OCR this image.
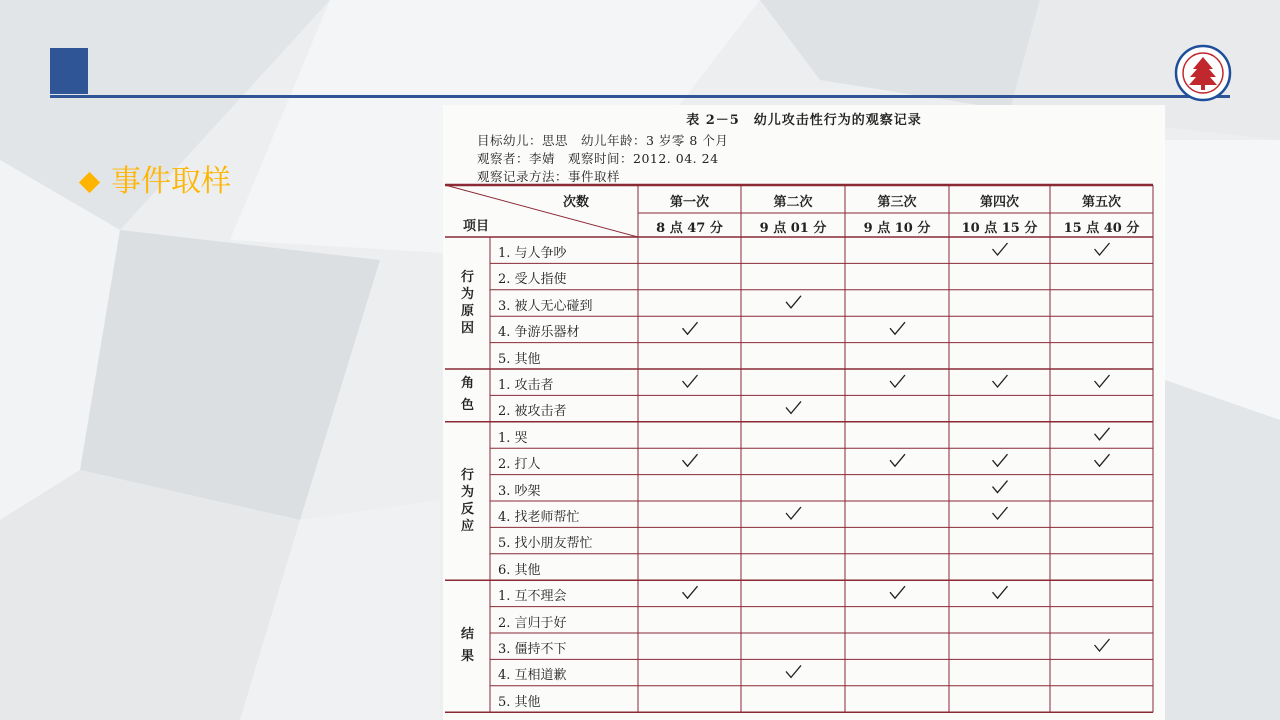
事件取样
表 2－5　幼儿攻击性行为的观察记录
目标幼儿：思思　幼儿年龄：3 岁零 8 个月
观察者：李婧　观察时间：2012. 04. 24
观察记录方法：事件取样
次数
项目
第一次
8 点 47 分
第二次
9 点 01 分
第三次
9 点 10 分
第四次
10 点 15 分
第五次
15 点 40 分
1. 与人争吵
2. 受人指使
3. 被人无心碰到
4. 争游乐器材
5. 其他
行为原因
1. 攻击者
2. 被攻击者
角色
1. 哭
2. 打人
3. 吵架
4. 找老师帮忙
5. 找小朋友帮忙
6. 其他
行为反应
1. 互不理会
2. 言归于好
3. 僵持不下
4. 互相道歉
5. 其他
结果
